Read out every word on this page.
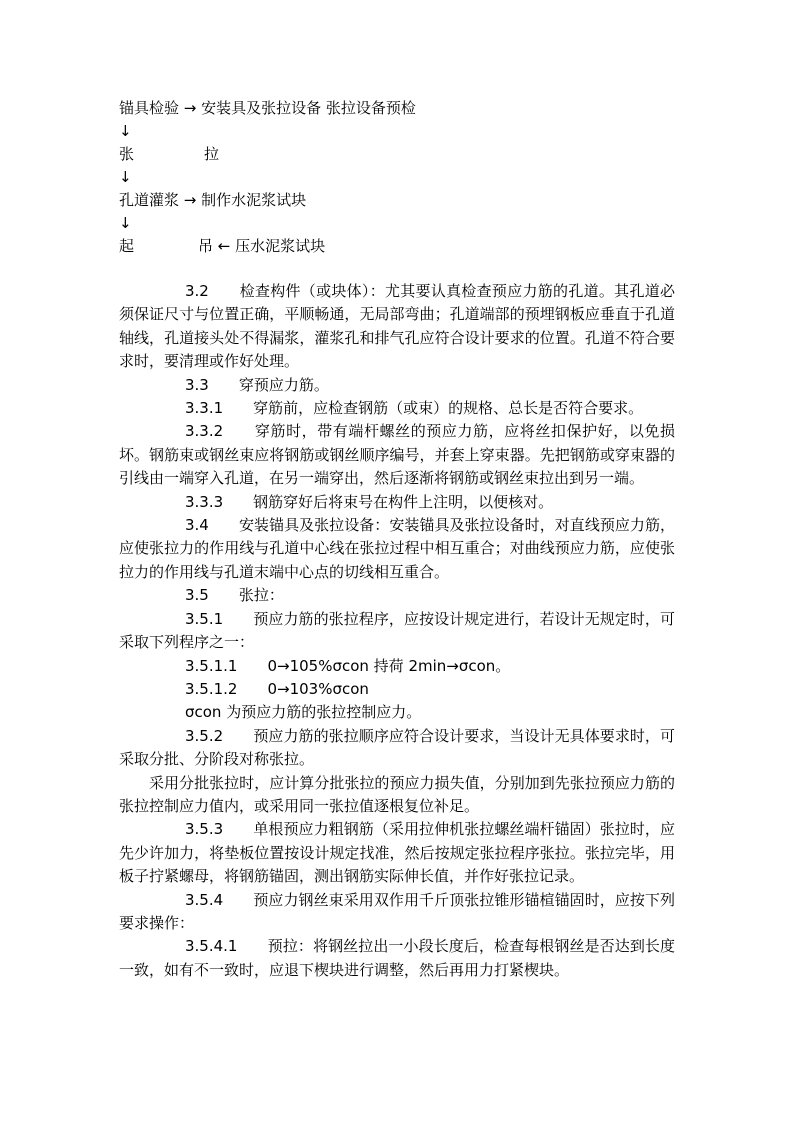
锚具检验 → 安装具及张拉设备 张拉设备预检
↓
张	拉
↓
孔道灌浆 → 制作水泥浆试块
↓
起	吊 ← 压水泥浆试块

3.2　　检查构件（或块体）：尤其要认真检查预应力筋的孔道。其孔道必须保证尺寸与位置正确，平顺畅通，无局部弯曲；孔道端部的预埋钢板应垂直于孔道轴线，孔道接头处不得漏浆，灌浆孔和排气孔应符合设计要求的位置。孔道不符合要求时，要清理或作好处理。

3.3　　穿预应力筋。

3.3.1　　穿筋前，应检查钢筋（或束）的规格、总长是否符合要求。

3.3.2　　穿筋时，带有端杆螺丝的预应力筋，应将丝扣保护好，以免损坏。钢筋束或钢丝束应将钢筋或钢丝顺序编号，并套上穿束器。先把钢筋或穿束器的引线由一端穿入孔道，在另一端穿出，然后逐渐将钢筋或钢丝束拉出到另一端。

3.3.3　　钢筋穿好后将束号在构件上注明，以便核对。

3.4　　安装锚具及张拉设备：安装锚具及张拉设备时，对直线预应力筋，应使张拉力的作用线与孔道中心线在张拉过程中相互重合；对曲线预应力筋，应使张拉力的作用线与孔道末端中心点的切线相互重合。

3.5　　张拉：

3.5.1　　预应力筋的张拉程序，应按设计规定进行，若设计无规定时，可采取下列程序之一：

3.5.1.1　　0→105%σcon 持荷 2min→σcon。

3.5.1.2　　0→103%σcon

σcon 为预应力筋的张拉控制应力。

3.5.2　　预应力筋的张拉顺序应符合设计要求，当设计无具体要求时，可采取分批、分阶段对称张拉。

采用分批张拉时，应计算分批张拉的预应力损失值，分别加到先张拉预应力筋的张拉控制应力值内，或采用同一张拉值逐根复位补足。

3.5.3　　单根预应力粗钢筋（采用拉伸机张拉螺丝端杆锚固）张拉时，应先少许加力，将垫板位置按设计规定找准，然后按规定张拉程序张拉。张拉完毕，用板子拧紧螺母，将钢筋锚固，测出钢筋实际伸长值，并作好张拉记录。

3.5.4　　预应力钢丝束采用双作用千斤顶张拉锥形锚楦锚固时，应按下列要求操作：

3.5.4.1　　预拉：将钢丝拉出一小段长度后，检查每根钢丝是否达到长度一致，如有不一致时，应退下楔块进行调整，然后再用力打紧楔块。
